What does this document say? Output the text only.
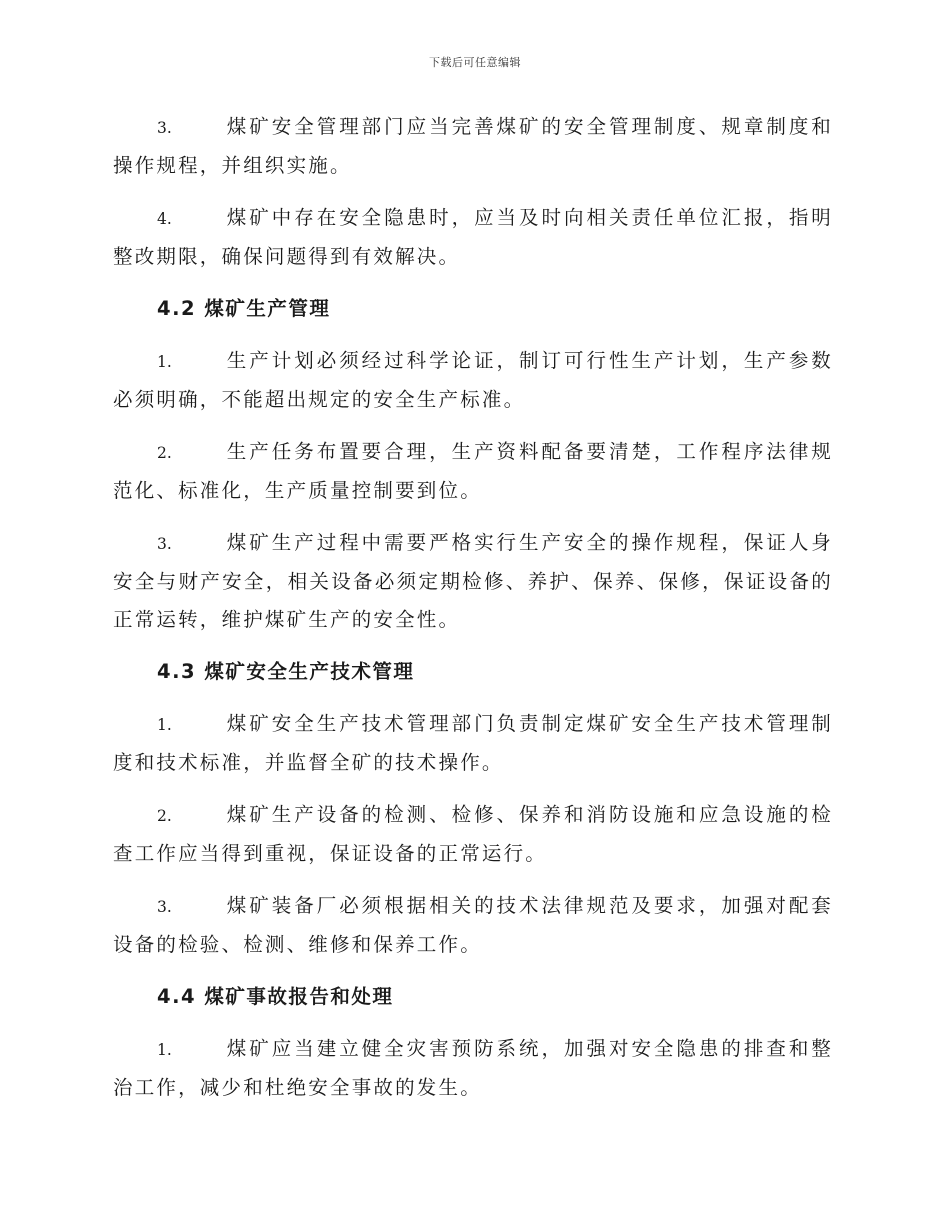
下载后可任意编辑

3.	煤矿安全管理部门应当完善煤矿的安全管理制度、规章制度和操作规程，并组织实施。

4.	煤矿中存在安全隐患时，应当及时向相关责任单位汇报，指明整改期限，确保问题得到有效解决。

4.2 煤矿生产管理

1.	生产计划必须经过科学论证，制订可行性生产计划，生产参数必须明确，不能超出规定的安全生产标准。

2.	生产任务布置要合理，生产资料配备要清楚，工作程序法律规范化、标准化，生产质量控制要到位。

3.	煤矿生产过程中需要严格实行生产安全的操作规程，保证人身安全与财产安全，相关设备必须定期检修、养护、保养、保修，保证设备的正常运转，维护煤矿生产的安全性。

4.3 煤矿安全生产技术管理

1.	煤矿安全生产技术管理部门负责制定煤矿安全生产技术管理制度和技术标准，并监督全矿的技术操作。

2.	煤矿生产设备的检测、检修、保养和消防设施和应急设施的检查工作应当得到重视，保证设备的正常运行。

3.	煤矿装备厂必须根据相关的技术法律规范及要求，加强对配套设备的检验、检测、维修和保养工作。

4.4 煤矿事故报告和处理

1.	煤矿应当建立健全灾害预防系统，加强对安全隐患的排查和整治工作，减少和杜绝安全事故的发生。
